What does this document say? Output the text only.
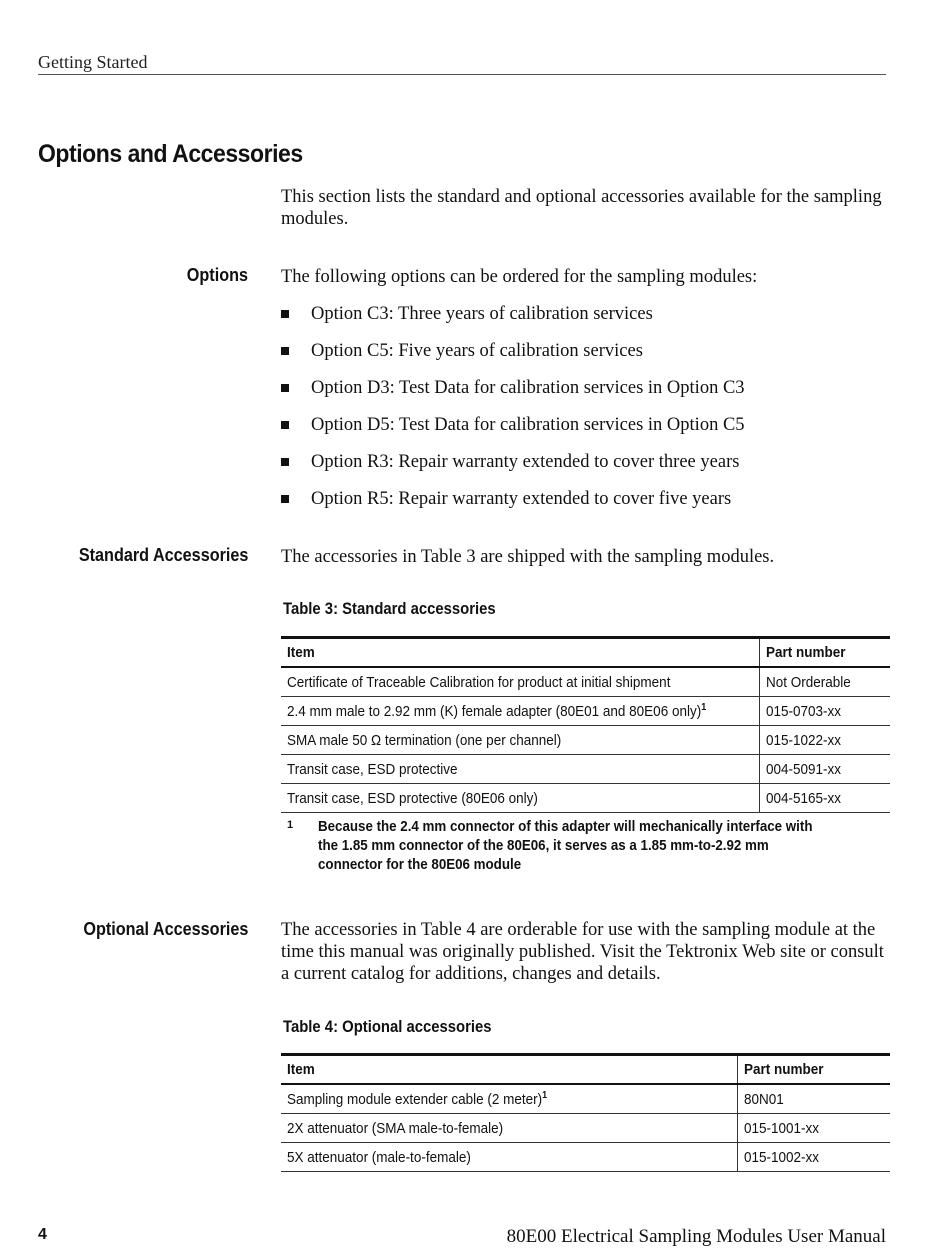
Getting Started
Options and Accessories

This section lists the standard and optional accessories available for the sampling modules.

Options The following options can be ordered for the sampling modules:

Option C3: Three years of calibration services
Option C5: Five years of calibration services
Option D3: Test Data for calibration services in Option C3
Option D5: Test Data for calibration services in Option C5
Option R3: Repair warranty extended to cover three years
Option R5: Repair warranty extended to cover five years
Standard Accessories The accessories in Table 3 are shipped with the sampling modules.

Table 3: Standard accessories

Item	Part number
Certificate of Traceable Calibration for product at initial shipment	Not Orderable
2.4 mm male to 2.92 mm (K) female adapter (80E01 and 80E06 only)$^1$	015-0703-xx
SMA male 50 Ω termination (one per channel)	015-1022-xx
Transit case, ESD protective	004-5091-xx
Transit case, ESD protective (80E06 only)	004-5165-xx
1 Because the 2.4 mm connector of this adapter will mechanically interface with the 1.85 mm connector of the 80E06, it serves as a 1.85 mm-to-2.92 mm connector for the 80E06 module
Optional Accessories The accessories in Table 4 are orderable for use with the sampling module at the time this manual was originally published. Visit the Tektronix Web site or consult a current catalog for additions, changes and details.

Table 4: Optional accessories

Item	Part number
Sampling module extender cable (2 meter)$^1$	80N01
2X attenuator (SMA male-to-female)	015-1001-xx
5X attenuator (male-to-female)	015-1002-xx
4	80E00 Electrical Sampling Modules User Manual
